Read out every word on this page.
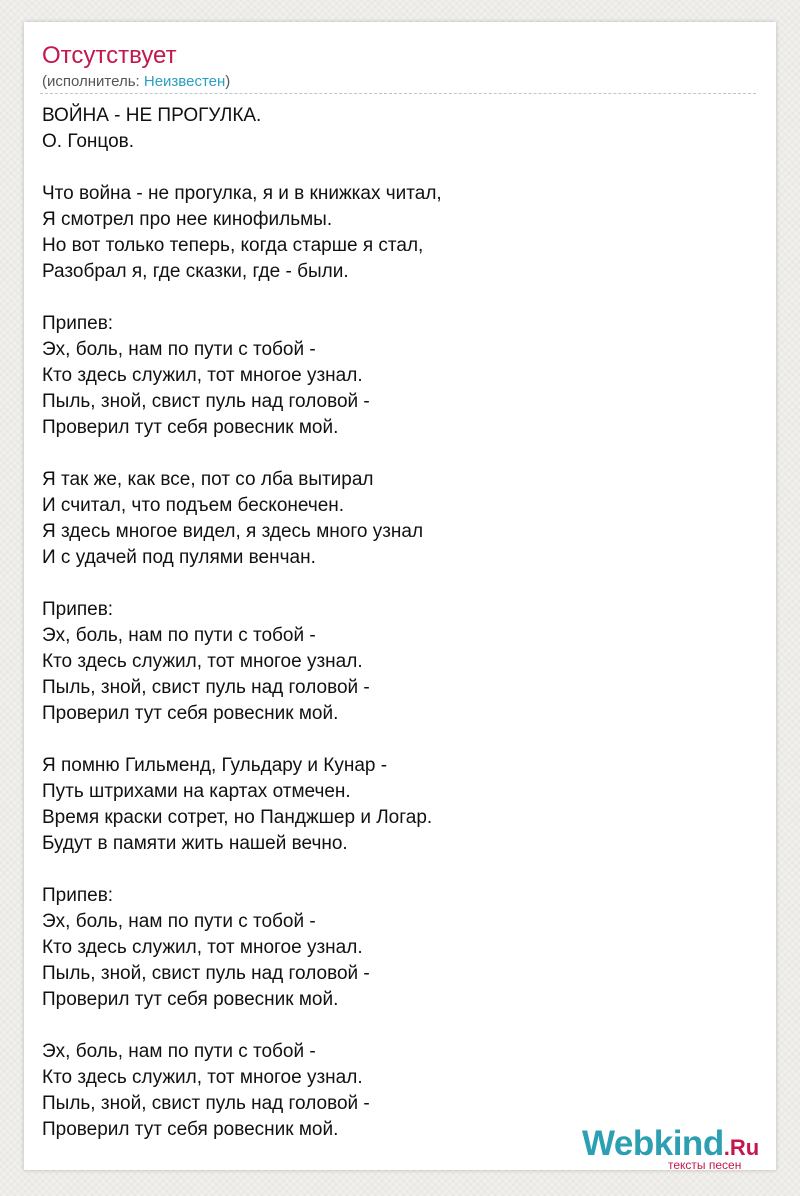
Отсутствует
(исполнитель: Неизвестен)
ВОЙНА - НЕ ПРОГУЛКА.
О. Гонцов.

Что война - не прогулка, я и в книжках читал,
Я смотрел про нее кинофильмы.
Но вот только теперь, когда старше я стал,
Разобрал я, где сказки, где - были.

Припев:
Эх, боль, нам по пути с тобой -
Кто здесь служил, тот многое узнал.
Пыль, зной, свист пуль над головой -
Проверил тут себя ровесник мой.

Я так же, как все, пот со лба вытирал
И считал, что подъем бесконечен.
Я здесь многое видел, я здесь много узнал
И с удачей под пулями венчан.

Припев:
Эх, боль, нам по пути с тобой -
Кто здесь служил, тот многое узнал.
Пыль, зной, свист пуль над головой -
Проверил тут себя ровесник мой.

Я помню Гильменд, Гульдару и Кунар -
Путь штрихами на картах отмечен.
Время краски сотрет, но Панджшер и Логар.
Будут в памяти жить нашей вечно.

Припев:
Эх, боль, нам по пути с тобой -
Кто здесь служил, тот многое узнал.
Пыль, зной, свист пуль над головой -
Проверил тут себя ровесник мой.

Эх, боль, нам по пути с тобой -
Кто здесь служил, тот многое узнал.
Пыль, зной, свист пуль над головой -
Проверил тут себя ровесник мой.	Webkind.Ru
тексты песен
